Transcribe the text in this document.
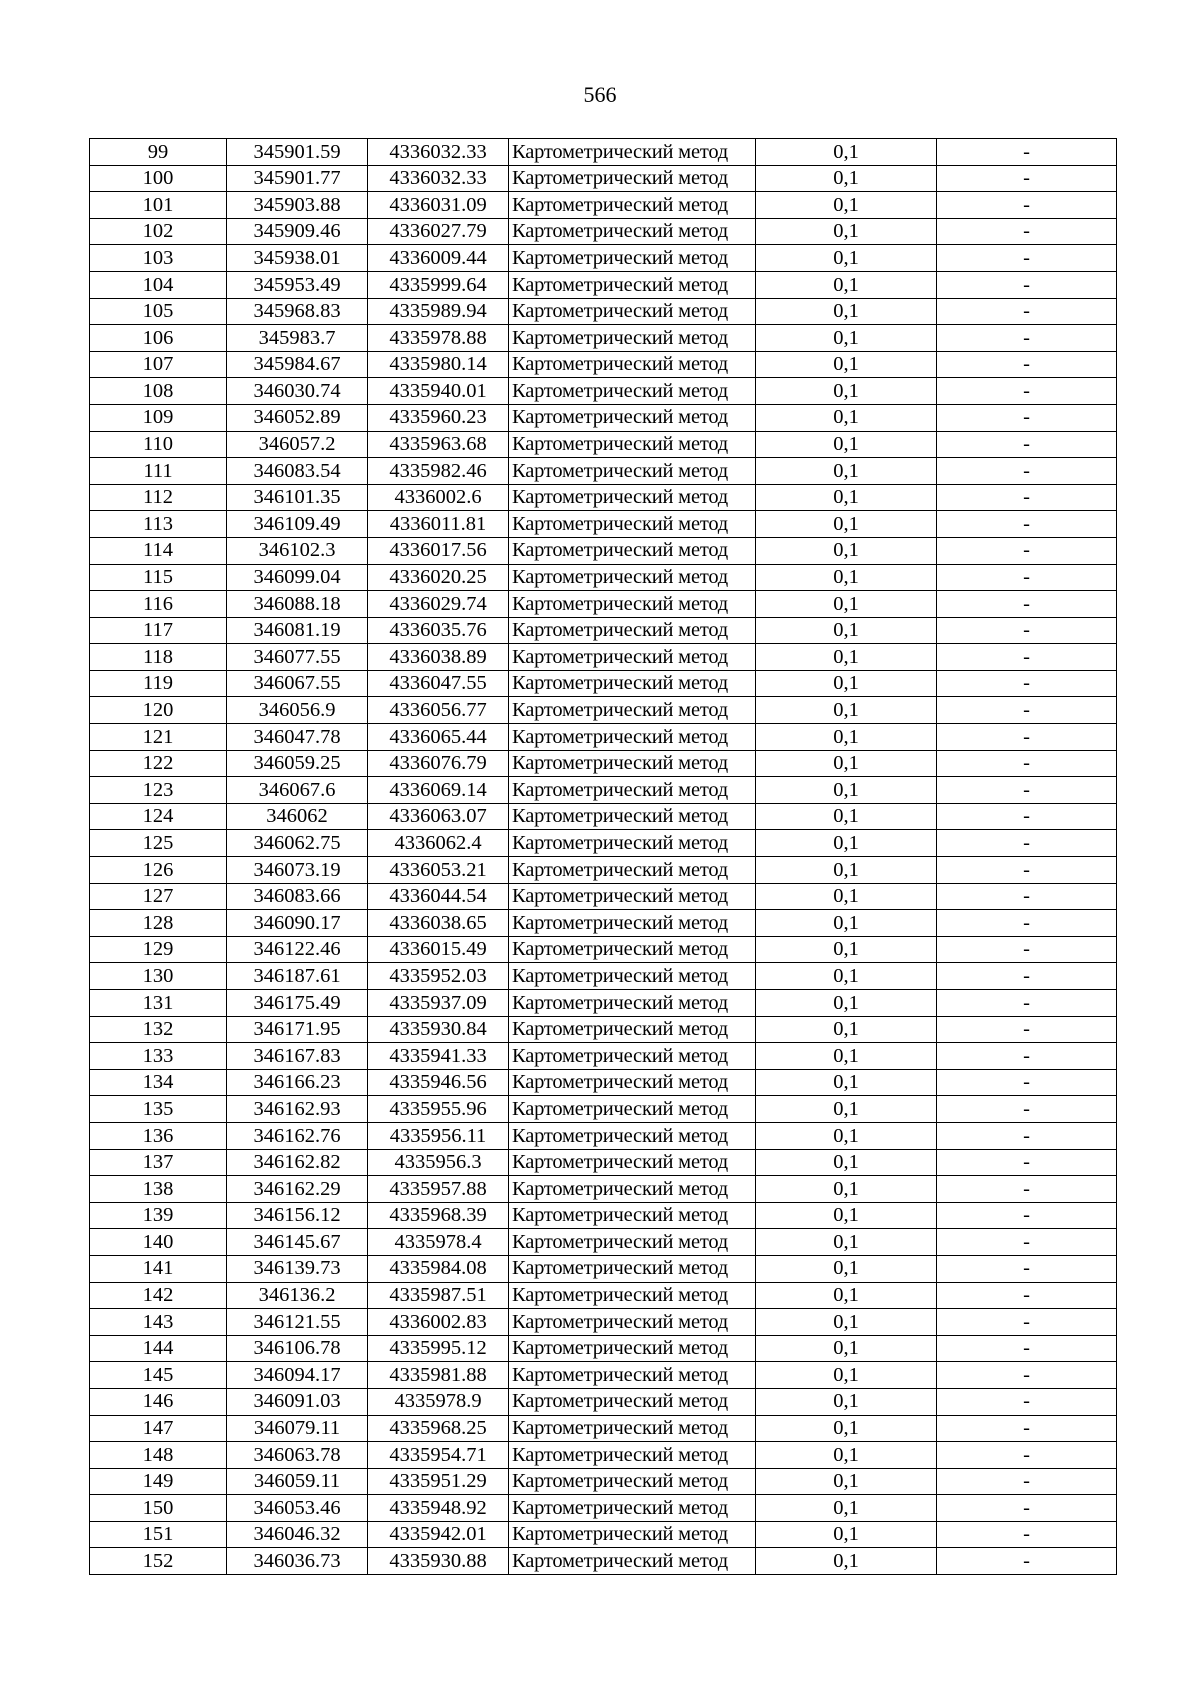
566
99	345901.59	4336032.33	Картометрический метод	0,1	-
100	345901.77	4336032.33	Картометрический метод	0,1	-
101	345903.88	4336031.09	Картометрический метод	0,1	-
102	345909.46	4336027.79	Картометрический метод	0,1	-
103	345938.01	4336009.44	Картометрический метод	0,1	-
104	345953.49	4335999.64	Картометрический метод	0,1	-
105	345968.83	4335989.94	Картометрический метод	0,1	-
106	345983.7	4335978.88	Картометрический метод	0,1	-
107	345984.67	4335980.14	Картометрический метод	0,1	-
108	346030.74	4335940.01	Картометрический метод	0,1	-
109	346052.89	4335960.23	Картометрический метод	0,1	-
110	346057.2	4335963.68	Картометрический метод	0,1	-
111	346083.54	4335982.46	Картометрический метод	0,1	-
112	346101.35	4336002.6	Картометрический метод	0,1	-
113	346109.49	4336011.81	Картометрический метод	0,1	-
114	346102.3	4336017.56	Картометрический метод	0,1	-
115	346099.04	4336020.25	Картометрический метод	0,1	-
116	346088.18	4336029.74	Картометрический метод	0,1	-
117	346081.19	4336035.76	Картометрический метод	0,1	-
118	346077.55	4336038.89	Картометрический метод	0,1	-
119	346067.55	4336047.55	Картометрический метод	0,1	-
120	346056.9	4336056.77	Картометрический метод	0,1	-
121	346047.78	4336065.44	Картометрический метод	0,1	-
122	346059.25	4336076.79	Картометрический метод	0,1	-
123	346067.6	4336069.14	Картометрический метод	0,1	-
124	346062	4336063.07	Картометрический метод	0,1	-
125	346062.75	4336062.4	Картометрический метод	0,1	-
126	346073.19	4336053.21	Картометрический метод	0,1	-
127	346083.66	4336044.54	Картометрический метод	0,1	-
128	346090.17	4336038.65	Картометрический метод	0,1	-
129	346122.46	4336015.49	Картометрический метод	0,1	-
130	346187.61	4335952.03	Картометрический метод	0,1	-
131	346175.49	4335937.09	Картометрический метод	0,1	-
132	346171.95	4335930.84	Картометрический метод	0,1	-
133	346167.83	4335941.33	Картометрический метод	0,1	-
134	346166.23	4335946.56	Картометрический метод	0,1	-
135	346162.93	4335955.96	Картометрический метод	0,1	-
136	346162.76	4335956.11	Картометрический метод	0,1	-
137	346162.82	4335956.3	Картометрический метод	0,1	-
138	346162.29	4335957.88	Картометрический метод	0,1	-
139	346156.12	4335968.39	Картометрический метод	0,1	-
140	346145.67	4335978.4	Картометрический метод	0,1	-
141	346139.73	4335984.08	Картометрический метод	0,1	-
142	346136.2	4335987.51	Картометрический метод	0,1	-
143	346121.55	4336002.83	Картометрический метод	0,1	-
144	346106.78	4335995.12	Картометрический метод	0,1	-
145	346094.17	4335981.88	Картометрический метод	0,1	-
146	346091.03	4335978.9	Картометрический метод	0,1	-
147	346079.11	4335968.25	Картометрический метод	0,1	-
148	346063.78	4335954.71	Картометрический метод	0,1	-
149	346059.11	4335951.29	Картометрический метод	0,1	-
150	346053.46	4335948.92	Картометрический метод	0,1	-
151	346046.32	4335942.01	Картометрический метод	0,1	-
152	346036.73	4335930.88	Картометрический метод	0,1	-
